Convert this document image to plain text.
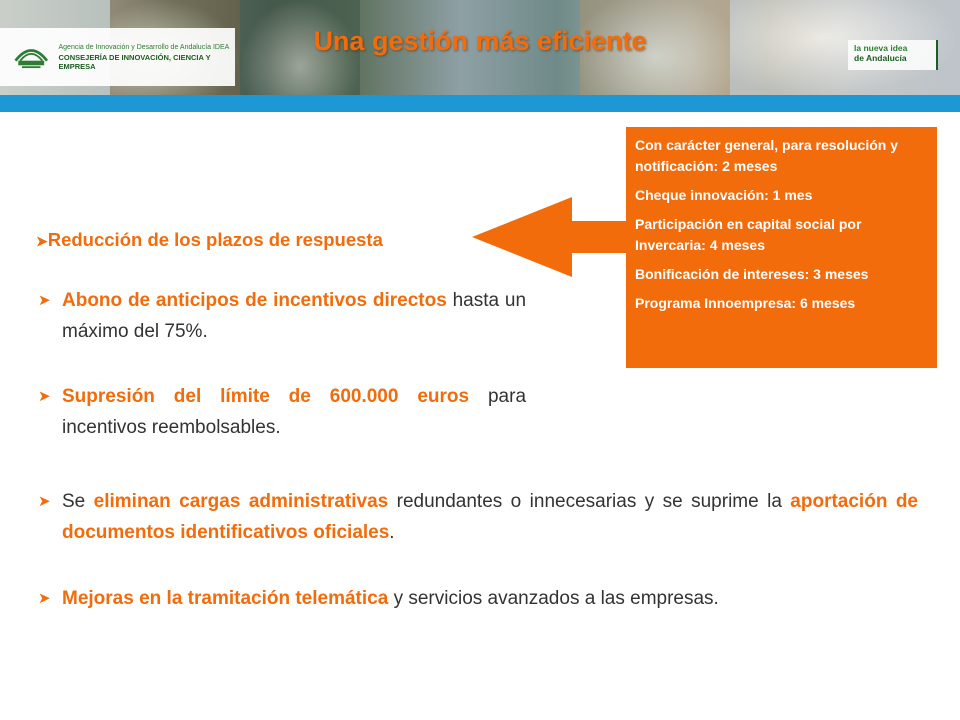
Agencia de Innovación y Desarrollo de Andalucía IDEA
CONSEJERÍA DE INNOVACIÓN, CIENCIA Y EMPRESA
la nueva idea
de Andalucía
Una gestión más eficiente
➤Reducción de los plazos de respuesta
➤ Abono de anticipos de incentivos directos hasta un máximo del 75%.
➤ Supresión del límite de 600.000 euros para incentivos reembolsables.
➤ Se eliminan cargas administrativas redundantes o innecesarias y se suprime la aportación de documentos identificativos oficiales.
➤ Mejoras en la tramitación telemática y servicios avanzados a las empresas.

Con carácter general, para resolución y notificación: 2 meses

Cheque innovación: 1 mes

Participación en capital social por Invercaria: 4 meses

Bonificación de intereses: 3 meses

Programa Innoempresa: 6 meses
